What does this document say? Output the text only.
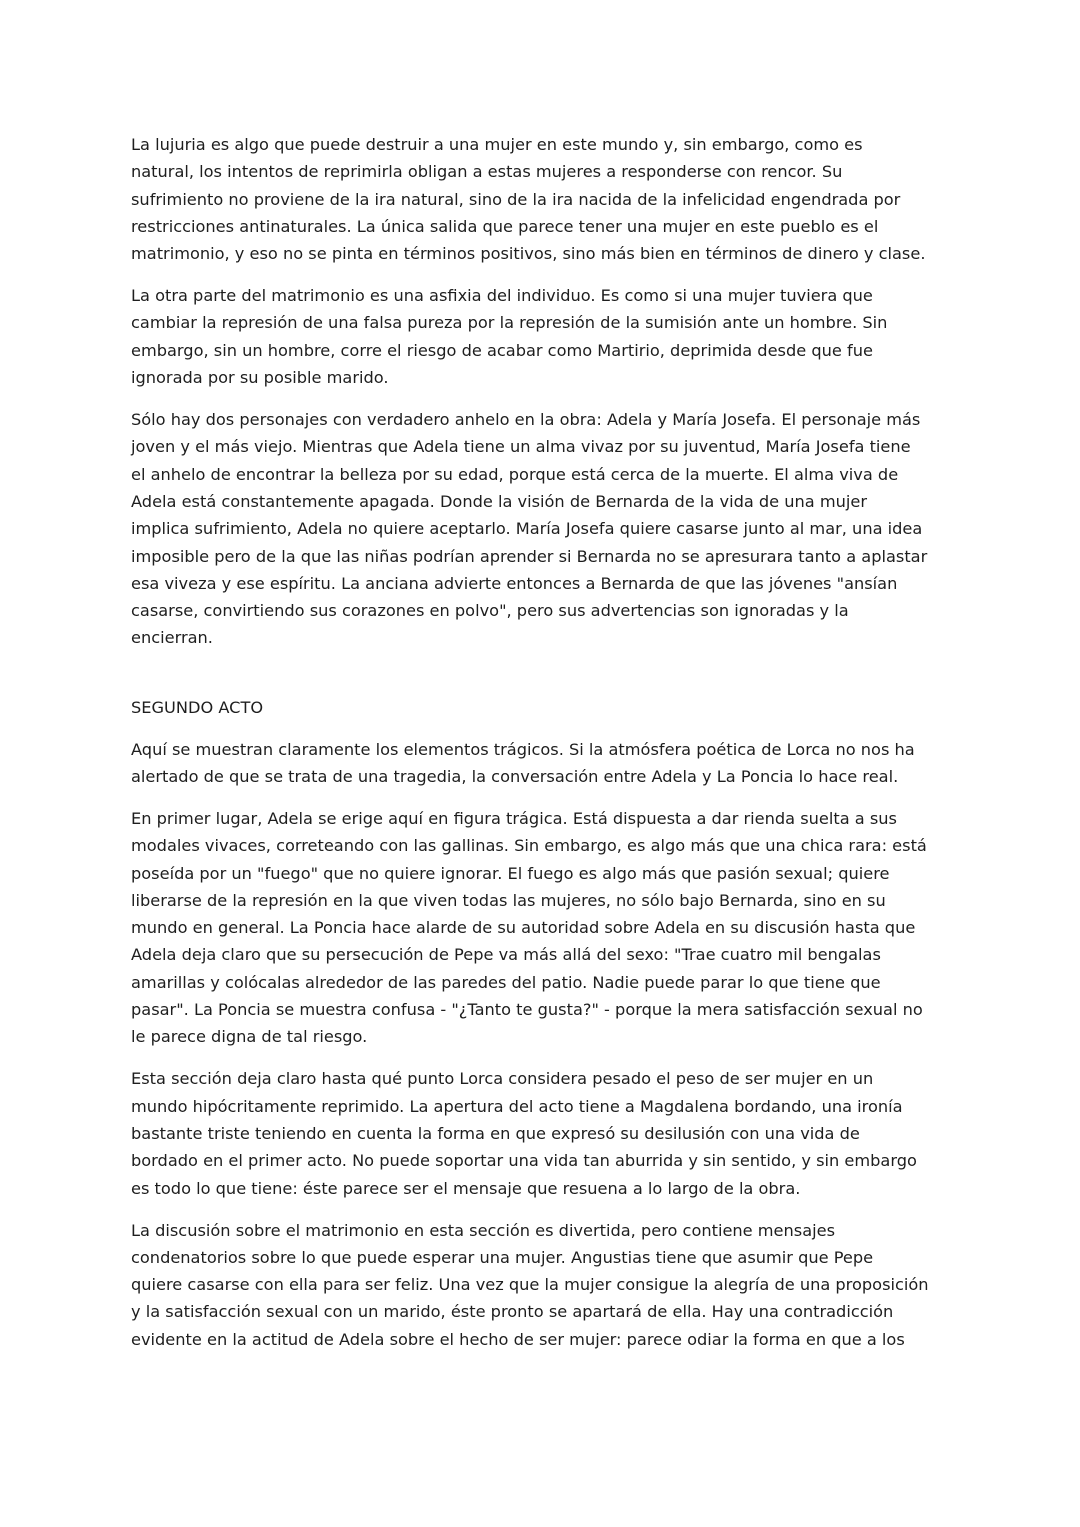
La lujuria es algo que puede destruir a una mujer en este mundo y, sin embargo, como es
natural, los intentos de reprimirla obligan a estas mujeres a responderse con rencor. Su
sufrimiento no proviene de la ira natural, sino de la ira nacida de la infelicidad engendrada por
restricciones antinaturales. La única salida que parece tener una mujer en este pueblo es el
matrimonio, y eso no se pinta en términos positivos, sino más bien en términos de dinero y clase.

La otra parte del matrimonio es una asfixia del individuo. Es como si una mujer tuviera que
cambiar la represión de una falsa pureza por la represión de la sumisión ante un hombre. Sin
embargo, sin un hombre, corre el riesgo de acabar como Martirio, deprimida desde que fue
ignorada por su posible marido.

Sólo hay dos personajes con verdadero anhelo en la obra: Adela y María Josefa. El personaje más
joven y el más viejo. Mientras que Adela tiene un alma vivaz por su juventud, María Josefa tiene
el anhelo de encontrar la belleza por su edad, porque está cerca de la muerte. El alma viva de
Adela está constantemente apagada. Donde la visión de Bernarda de la vida de una mujer
implica sufrimiento, Adela no quiere aceptarlo. María Josefa quiere casarse junto al mar, una idea
imposible pero de la que las niñas podrían aprender si Bernarda no se apresurara tanto a aplastar
esa viveza y ese espíritu. La anciana advierte entonces a Bernarda de que las jóvenes "ansían
casarse, convirtiendo sus corazones en polvo", pero sus advertencias son ignoradas y la
encierran.

SEGUNDO ACTO

Aquí se muestran claramente los elementos trágicos. Si la atmósfera poética de Lorca no nos ha
alertado de que se trata de una tragedia, la conversación entre Adela y La Poncia lo hace real.

En primer lugar, Adela se erige aquí en figura trágica. Está dispuesta a dar rienda suelta a sus
modales vivaces, correteando con las gallinas. Sin embargo, es algo más que una chica rara: está
poseída por un "fuego" que no quiere ignorar. El fuego es algo más que pasión sexual; quiere
liberarse de la represión en la que viven todas las mujeres, no sólo bajo Bernarda, sino en su
mundo en general. La Poncia hace alarde de su autoridad sobre Adela en su discusión hasta que
Adela deja claro que su persecución de Pepe va más allá del sexo: "Trae cuatro mil bengalas
amarillas y colócalas alrededor de las paredes del patio. Nadie puede parar lo que tiene que
pasar". La Poncia se muestra confusa - "¿Tanto te gusta?" - porque la mera satisfacción sexual no
le parece digna de tal riesgo.

Esta sección deja claro hasta qué punto Lorca considera pesado el peso de ser mujer en un
mundo hipócritamente reprimido. La apertura del acto tiene a Magdalena bordando, una ironía
bastante triste teniendo en cuenta la forma en que expresó su desilusión con una vida de
bordado en el primer acto. No puede soportar una vida tan aburrida y sin sentido, y sin embargo
es todo lo que tiene: éste parece ser el mensaje que resuena a lo largo de la obra.

La discusión sobre el matrimonio en esta sección es divertida, pero contiene mensajes
condenatorios sobre lo que puede esperar una mujer. Angustias tiene que asumir que Pepe
quiere casarse con ella para ser feliz. Una vez que la mujer consigue la alegría de una proposición
y la satisfacción sexual con un marido, éste pronto se apartará de ella. Hay una contradicción
evidente en la actitud de Adela sobre el hecho de ser mujer: parece odiar la forma en que a los
